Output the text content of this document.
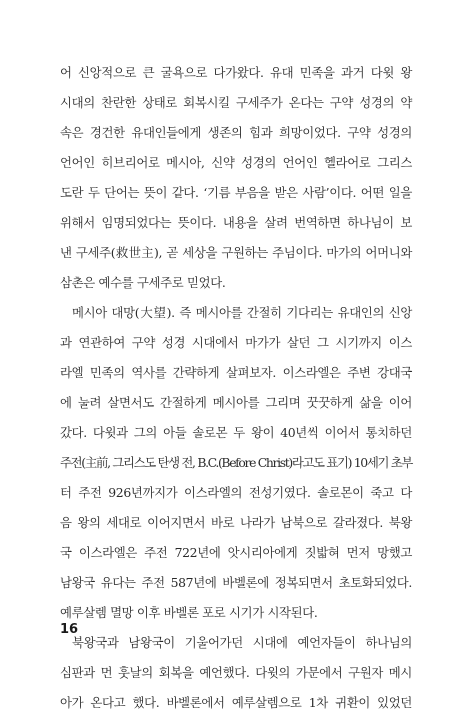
어 신앙적으로 큰 굴욕으로 다가왔다. 유대 민족을 과거 다윗 왕
시대의 찬란한 상태로 회복시킬 구세주가 온다는 구약 성경의 약
속은 경건한 유대인들에게 생존의 힘과 희망이었다. 구약 성경의
언어인 히브리어로 메시아, 신약 성경의 언어인 헬라어로 그리스
도란 두 단어는 뜻이 같다. ‘기름 부음을 받은 사람’이다. 어떤 일을
위해서 임명되었다는 뜻이다. 내용을 살려 번역하면 하나님이 보
낸 구세주(救世主), 곧 세상을 구원하는 주님이다. 마가의 어머니와
삼촌은 예수를 구세주로 믿었다.
메시아 대망(大望). 즉 메시아를 간절히 기다리는 유대인의 신앙
과 연관하여 구약 성경 시대에서 마가가 살던 그 시기까지 이스
라엘 민족의 역사를 간략하게 살펴보자. 이스라엘은 주변 강대국
에 눌려 살면서도 간절하게 메시아를 그리며 꿋꿋하게 삶을 이어
갔다. 다윗과 그의 아들 솔로몬 두 왕이 40년씩 이어서 통치하던
주전(主前, 그리스도 탄생 전, B.C.(Before Christ)라고도 표기) 10세기 초부
터 주전 926년까지가 이스라엘의 전성기였다. 솔로몬이 죽고 다
음 왕의 세대로 이어지면서 바로 나라가 남북으로 갈라졌다. 북왕
국 이스라엘은 주전 722년에 앗시리아에게 짓밟혀 먼저 망했고
남왕국 유다는 주전 587년에 바벨론에 정복되면서 초토화되었다.
예루살렘 멸망 이후 바벨론 포로 시기가 시작된다.
북왕국과 남왕국이 기울어가던 시대에 예언자들이 하나님의
심판과 먼 훗날의 회복을 예언했다. 다윗의 가문에서 구원자 메시
아가 온다고 했다. 바벨론에서 예루살렘으로 1차 귀환이 있었던
16
